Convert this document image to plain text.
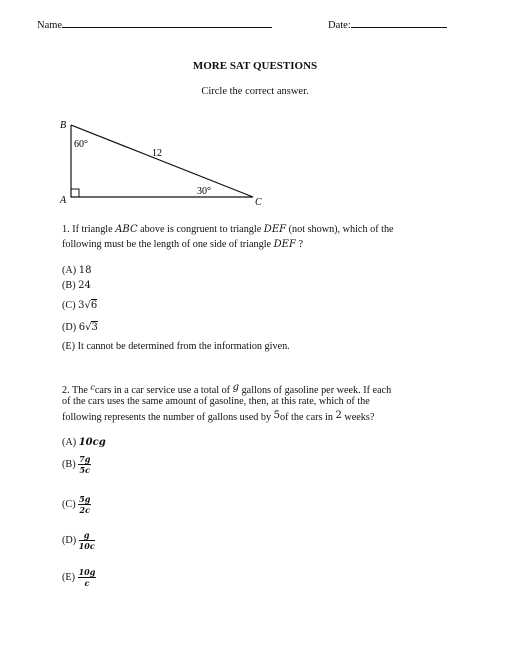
Name	Date:
MORE SAT QUESTIONS
Circle the correct answer.
B
A	C
60°
30°
12
1. If triangle ABC above is congruent to triangle DEF (not shown), which of the
following must be the length of one side of triangle DEF ?
(A) 18
(B) 24
(C) 3√6
(D) 6√3
(E) It cannot be determined from the information given.
2. The $^c$cars in a car service use a total of g gallons of gasoline per week. If each
of the cars uses the same amount of gasoline, then, at this rate, which of the
following represents the number of gallons used by 5of the cars in 2 weeks?
(A) 10cg
$(B) \frac{7g}{5c}$
$(C) \frac{5g}{2c}$
$(D) \frac{g}{10c}$
$(E) \frac{10g}{c}$
